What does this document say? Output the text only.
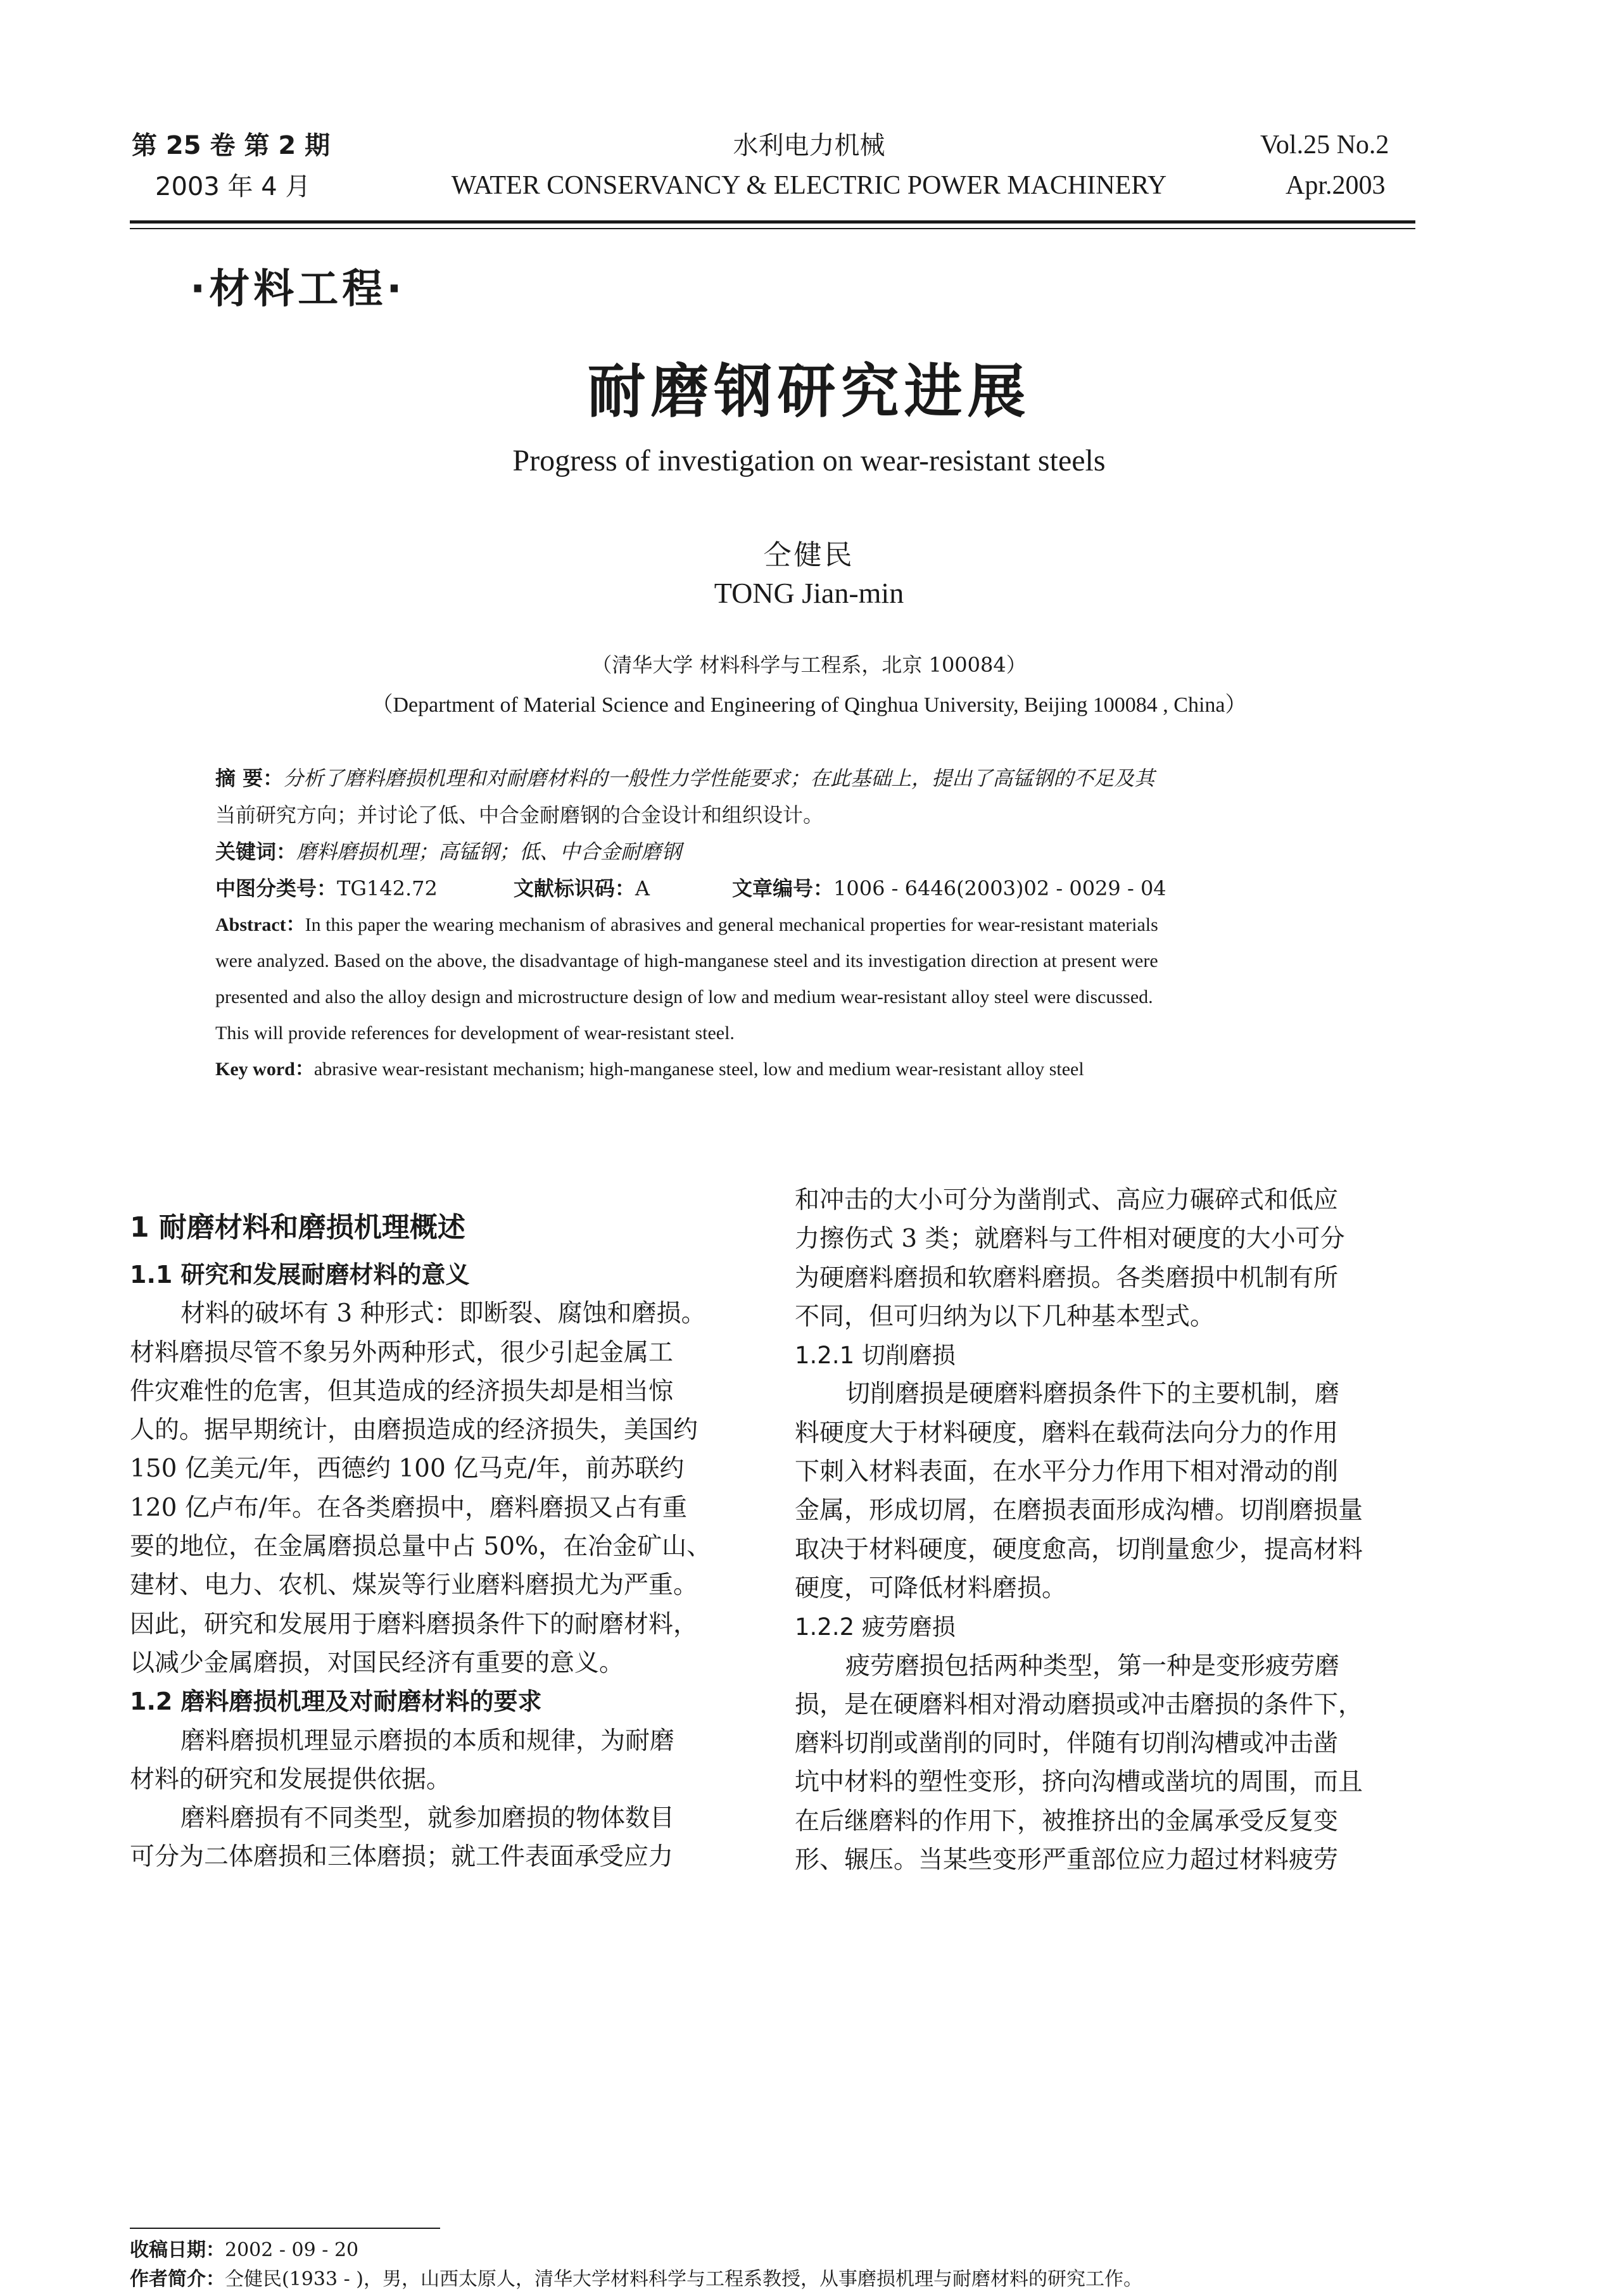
第 25 卷 第 2 期
2003 年 4 月
水利电力机械
WATER CONSERVANCY & ELECTRIC POWER MACHINERY
Vol.25 No.2
Apr.2003
·材料工程·
耐磨钢研究进展
Progress of investigation on wear-resistant steels
仝健民
TONG Jian-min
（清华大学 材料科学与工程系，北京 100084）
（Department of Material Science and Engineering of Qinghua University, Beijing 100084 , China）
摘 要：分析了磨料磨损机理和对耐磨材料的一般性力学性能要求；在此基础上，提出了高锰钢的不足及其
当前研究方向；并讨论了低、中合金耐磨钢的合金设计和组织设计。
关键词：磨料磨损机理；高锰钢；低、中合金耐磨钢
中图分类号：TG142.72	文献标识码：A	文章编号：1006 - 6446(2003)02 - 0029 - 04
Abstract：In this paper the wearing mechanism of abrasives and general mechanical properties for wear-resistant materials
were analyzed. Based on the above, the disadvantage of high-manganese steel and its investigation direction at present were
presented and also the alloy design and microstructure design of low and medium wear-resistant alloy steel were discussed.
This will provide references for development of wear-resistant steel.
Key word：abrasive wear-resistant mechanism; high-manganese steel, low and medium wear-resistant alloy steel
1 耐磨材料和磨损机理概述
1.1 研究和发展耐磨材料的意义
材料的破坏有 3 种形式：即断裂、腐蚀和磨损。
材料磨损尽管不象另外两种形式，很少引起金属工
件灾难性的危害，但其造成的经济损失却是相当惊
人的。据早期统计，由磨损造成的经济损失，美国约
150 亿美元/年，西德约 100 亿马克/年，前苏联约
120 亿卢布/年。在各类磨损中，磨料磨损又占有重
要的地位，在金属磨损总量中占 50%，在冶金矿山、
建材、电力、农机、煤炭等行业磨料磨损尤为严重。
因此，研究和发展用于磨料磨损条件下的耐磨材料，
以减少金属磨损，对国民经济有重要的意义。
1.2 磨料磨损机理及对耐磨材料的要求
磨料磨损机理显示磨损的本质和规律，为耐磨
材料的研究和发展提供依据。
磨料磨损有不同类型，就参加磨损的物体数目
可分为二体磨损和三体磨损；就工件表面承受应力
和冲击的大小可分为凿削式、高应力碾碎式和低应
力擦伤式 3 类；就磨料与工件相对硬度的大小可分
为硬磨料磨损和软磨料磨损。各类磨损中机制有所
不同，但可归纳为以下几种基本型式。
1.2.1 切削磨损
切削磨损是硬磨料磨损条件下的主要机制，磨
料硬度大于材料硬度，磨料在载荷法向分力的作用
下刺入材料表面，在水平分力作用下相对滑动的削
金属，形成切屑，在磨损表面形成沟槽。切削磨损量
取决于材料硬度，硬度愈高，切削量愈少，提高材料
硬度，可降低材料磨损。
1.2.2 疲劳磨损
疲劳磨损包括两种类型，第一种是变形疲劳磨
损，是在硬磨料相对滑动磨损或冲击磨损的条件下，
磨料切削或凿削的同时，伴随有切削沟槽或冲击凿
坑中材料的塑性变形，挤向沟槽或凿坑的周围，而且
在后继磨料的作用下，被推挤出的金属承受反复变
形、辗压。当某些变形严重部位应力超过材料疲劳
收稿日期：2002 - 09 - 20
作者简介：仝健民(1933 - )，男，山西太原人，清华大学材料科学与工程系教授，从事磨损机理与耐磨材料的研究工作。
